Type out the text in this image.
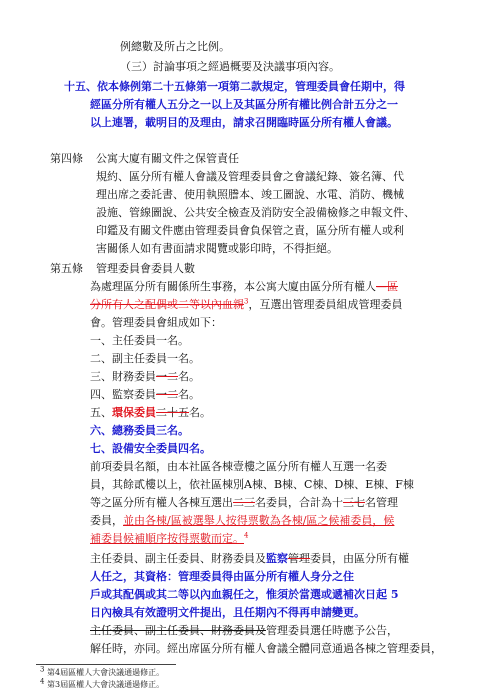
例總數及所占之比例。
（三）討論事項之經過概要及決議事項內容。
十五、依本條例第二十五條第一項第二款規定，管理委員會任期中，得
經區分所有權人五分之一以上及其區分所有權比例合計五分之一
以上連署，載明目的及理由，請求召開臨時區分所有權人會議。
第四條 公寓大廈有關文件之保管責任
規約、區分所有權人會議及管理委員會之會議紀錄、簽名簿、代
理出席之委託書、使用執照謄本、竣工圖說、水電、消防、機械
設施、管線圖說、公共安全檢查及消防安全設備檢修之申報文件、
印鑑及有關文件應由管理委員會負保管之責，區分所有權人或利
害關係人如有書面請求閱覽或影印時，不得拒絕。
第五條 管理委員會委員人數
為處理區分所有關係所生事務，本公寓大廈由區分所有權人—區
分所有人之配偶或二等以內血親$^3$，互選出管理委員組成管理委員
會。管理委員會組成如下：
一、主任委員一名。
二、副主任委員一名。
三、財務委員一二名。
四、監察委員一二名。
五、環保委員二十五名。
六、總務委員三名。
七、設備安全委員四名。
前項委員名額，由本社區各棟壹樓之區分所有權人互選一名委
員，其餘貳樓以上，依社區棟別A棟、B棟、C棟、D棟、E棟、F棟
等之區分所有權人各棟互選出二三名委員，合計為十三七名管理
委員，並由各棟/區被選舉人按得票數為各棟/區之候補委員，候
補委員候補順序按得票數而定。$^4$
主任委員、副主任委員、財務委員及監察管理委員，由區分所有權
人任之，其資格：管理委員得由區分所有權人身分之住
戶或其配偶或其二等以內血親任之，惟須於當選或遞補次日起 5
日內檢具有效證明文件提出，且任期內不得再申請變更。
主任委員、副主任委員、財務委員及管理委員選任時應予公告，
解任時，亦同。經出席區分所有權人會議全體同意通過各棟之管理委員，
3 第4屆區權人大會決議通過修正。
4 第3屆區權人大會決議通過修正。
